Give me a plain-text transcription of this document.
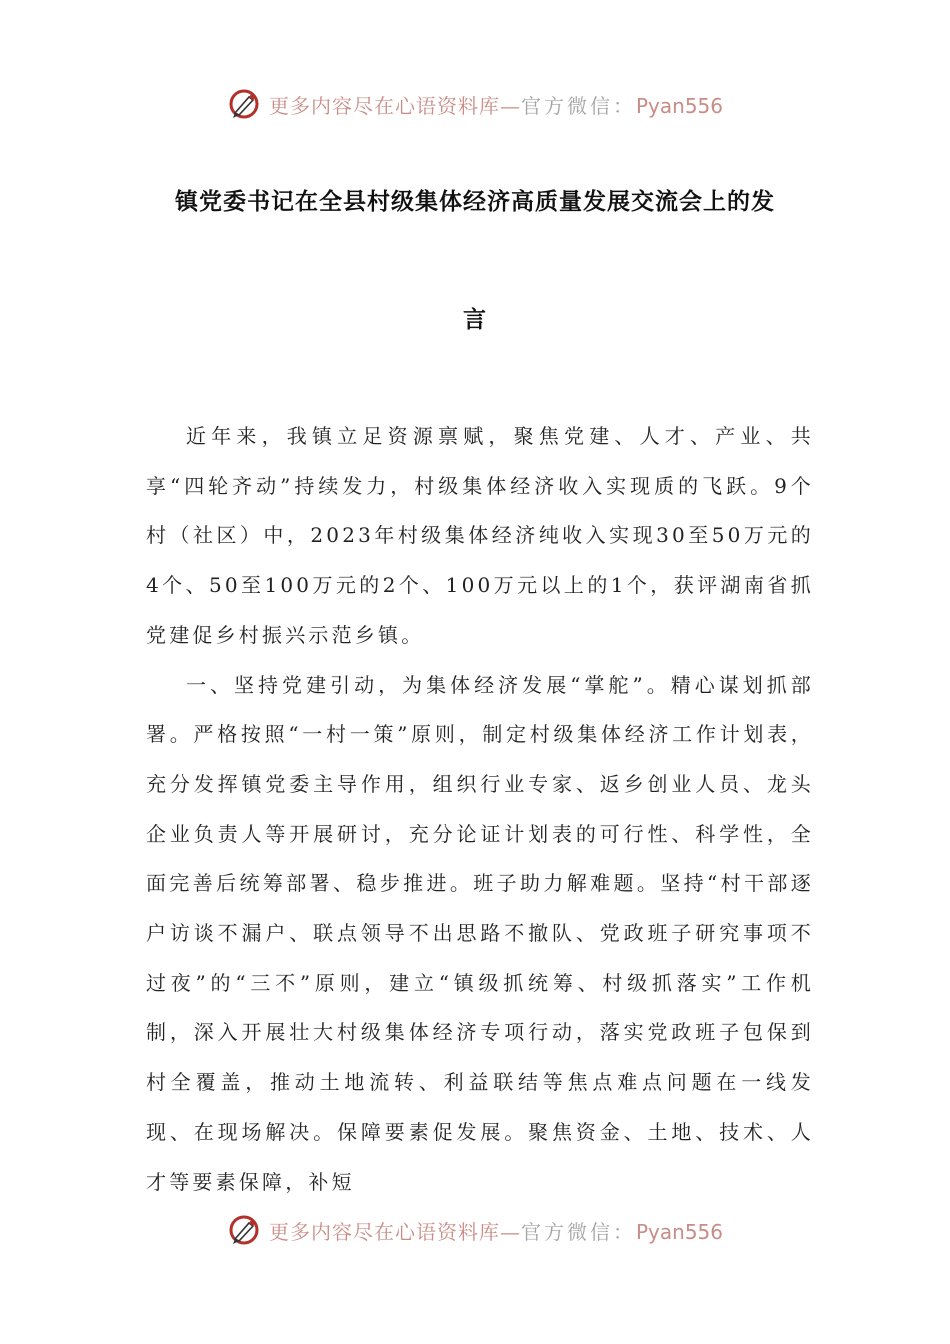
更多内容尽在心语资料库—官方微信：Pyan556
镇党委书记在全县村级集体经济高质量发展交流会上的发
言

近年来，我镇立足资源禀赋，聚焦党建、人才、产业、共享“四轮齐动”持续发力，村级集体经济收入实现质的飞跃。9个村（社区）中，2023年村级集体经济纯收入实现30至50万元的4个、50至100万元的2个、100万元以上的1个，获评湖南省抓党建促乡村振兴示范乡镇。

一、坚持党建引动，为集体经济发展“掌舵”。精心谋划抓部署。严格按照“一村一策”原则，制定村级集体经济工作计划表，充分发挥镇党委主导作用，组织行业专家、返乡创业人员、龙头企业负责人等开展研讨，充分论证计划表的可行性、科学性，全面完善后统筹部署、稳步推进。班子助力解难题。坚持“村干部逐户访谈不漏户、联点领导不出思路不撤队、党政班子研究事项不过夜”的“三不”原则，建立“镇级抓统筹、村级抓落实”工作机制，深入开展壮大村级集体经济专项行动，落实党政班子包保到村全覆盖，推动土地流转、利益联结等焦点难点问题在一线发现、在现场解决。保障要素促发展。聚焦资金、土地、技术、人才等要素保障，补短

更多内容尽在心语资料库—官方微信：Pyan556
